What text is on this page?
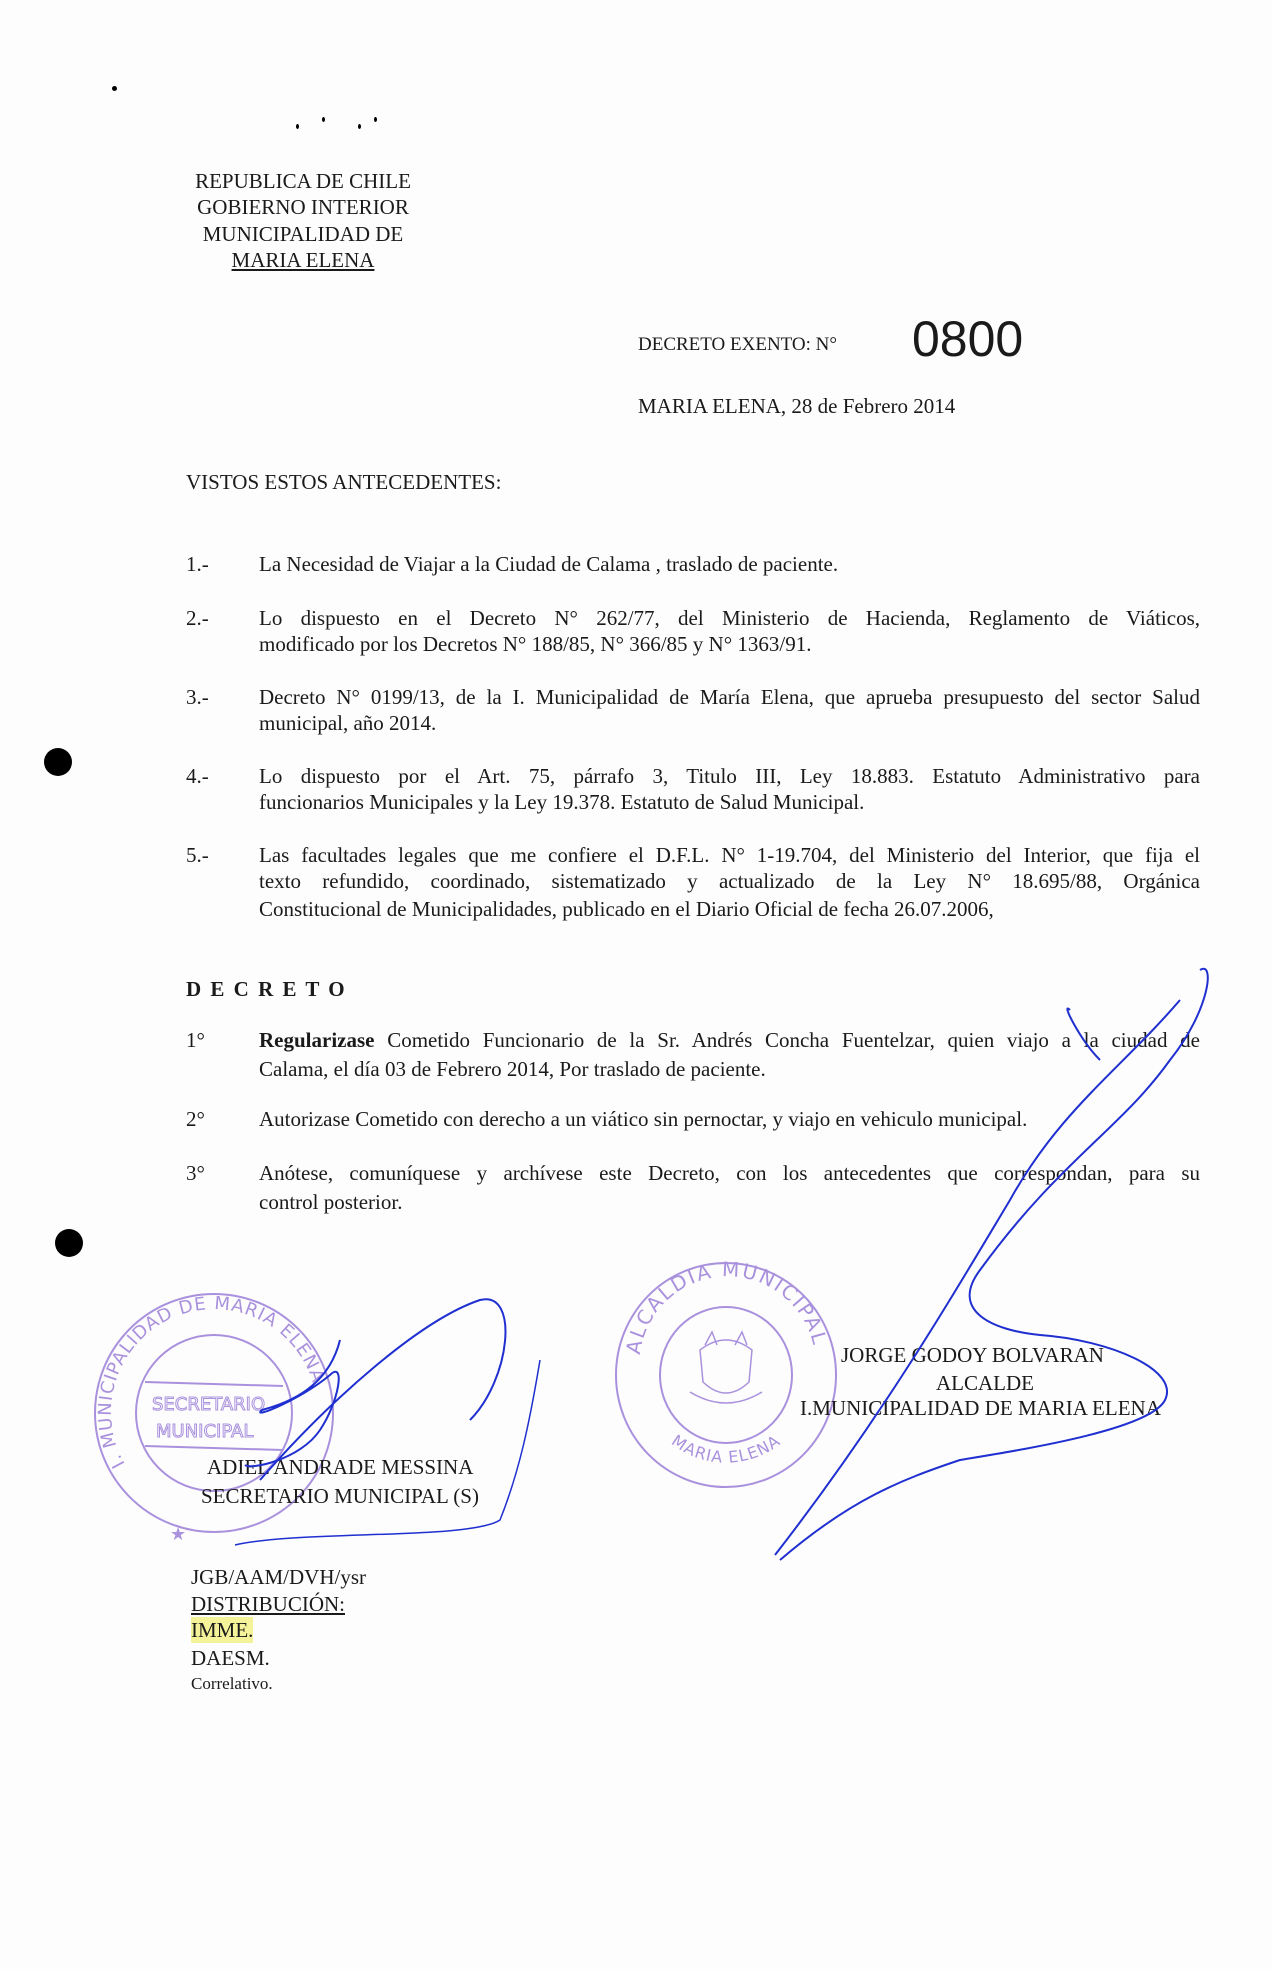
REPUBLICA DE CHILE
GOBIERNO INTERIOR
MUNICIPALIDAD DE
MARIA ELENA
DECRETO EXENTO: N° 0800
MARIA ELENA, 28 de Febrero 2014
VISTOS ESTOS ANTECEDENTES:
1.- La Necesidad de Viajar a la Ciudad de Calama , traslado de paciente.
2.- Lo dispuesto en el Decreto N° 262/77, del Ministerio de Hacienda, Reglamento de Viáticos,
modificado por los Decretos N° 188/85, N° 366/85 y N° 1363/91.
3.- Decreto N° 0199/13, de la I. Municipalidad de María Elena, que aprueba presupuesto del sector Salud
municipal, año 2014.
4.- Lo dispuesto por el Art. 75, párrafo 3, Titulo III, Ley 18.883. Estatuto Administrativo para
funcionarios Municipales y la Ley 19.378. Estatuto de Salud Municipal.
5.- Las facultades legales que me confiere el D.F.L. N° 1-19.704, del Ministerio del Interior, que fija el
texto refundido, coordinado, sistematizado y actualizado de la Ley N° 18.695/88, Orgánica
Constitucional de Municipalidades, publicado en el Diario Oficial de fecha 26.07.2006,
D E C R E T O
1°	Regularizase Cometido Funcionario de la Sr. Andrés Concha Fuentelzar, quien viajo a la ciudad de
Calama, el día 03 de Febrero 2014, Por traslado de paciente.
2°	Autorizase Cometido con derecho a un viático sin pernoctar, y viajo en vehiculo municipal.
3°	Anótese, comuníquese y archívese este Decreto, con los antecedentes que correspondan, para su
control posterior.
I. MUNICIPALIDAD DE MARIA ELENA
SECRETARIO
MUNICIPAL
★
ALCALDIA MUNICIPAL
MARIA ELENA
ADIEL ANDRADE MESSINA
SECRETARIO MUNICIPAL (S)
JORGE GODOY BOLVARAN
ALCALDE
I.MUNICIPALIDAD DE MARIA ELENA
JGB/AAM/DVH/ysr
DISTRIBUCIÓN:
IMME.
DAESM.
Correlativo.
